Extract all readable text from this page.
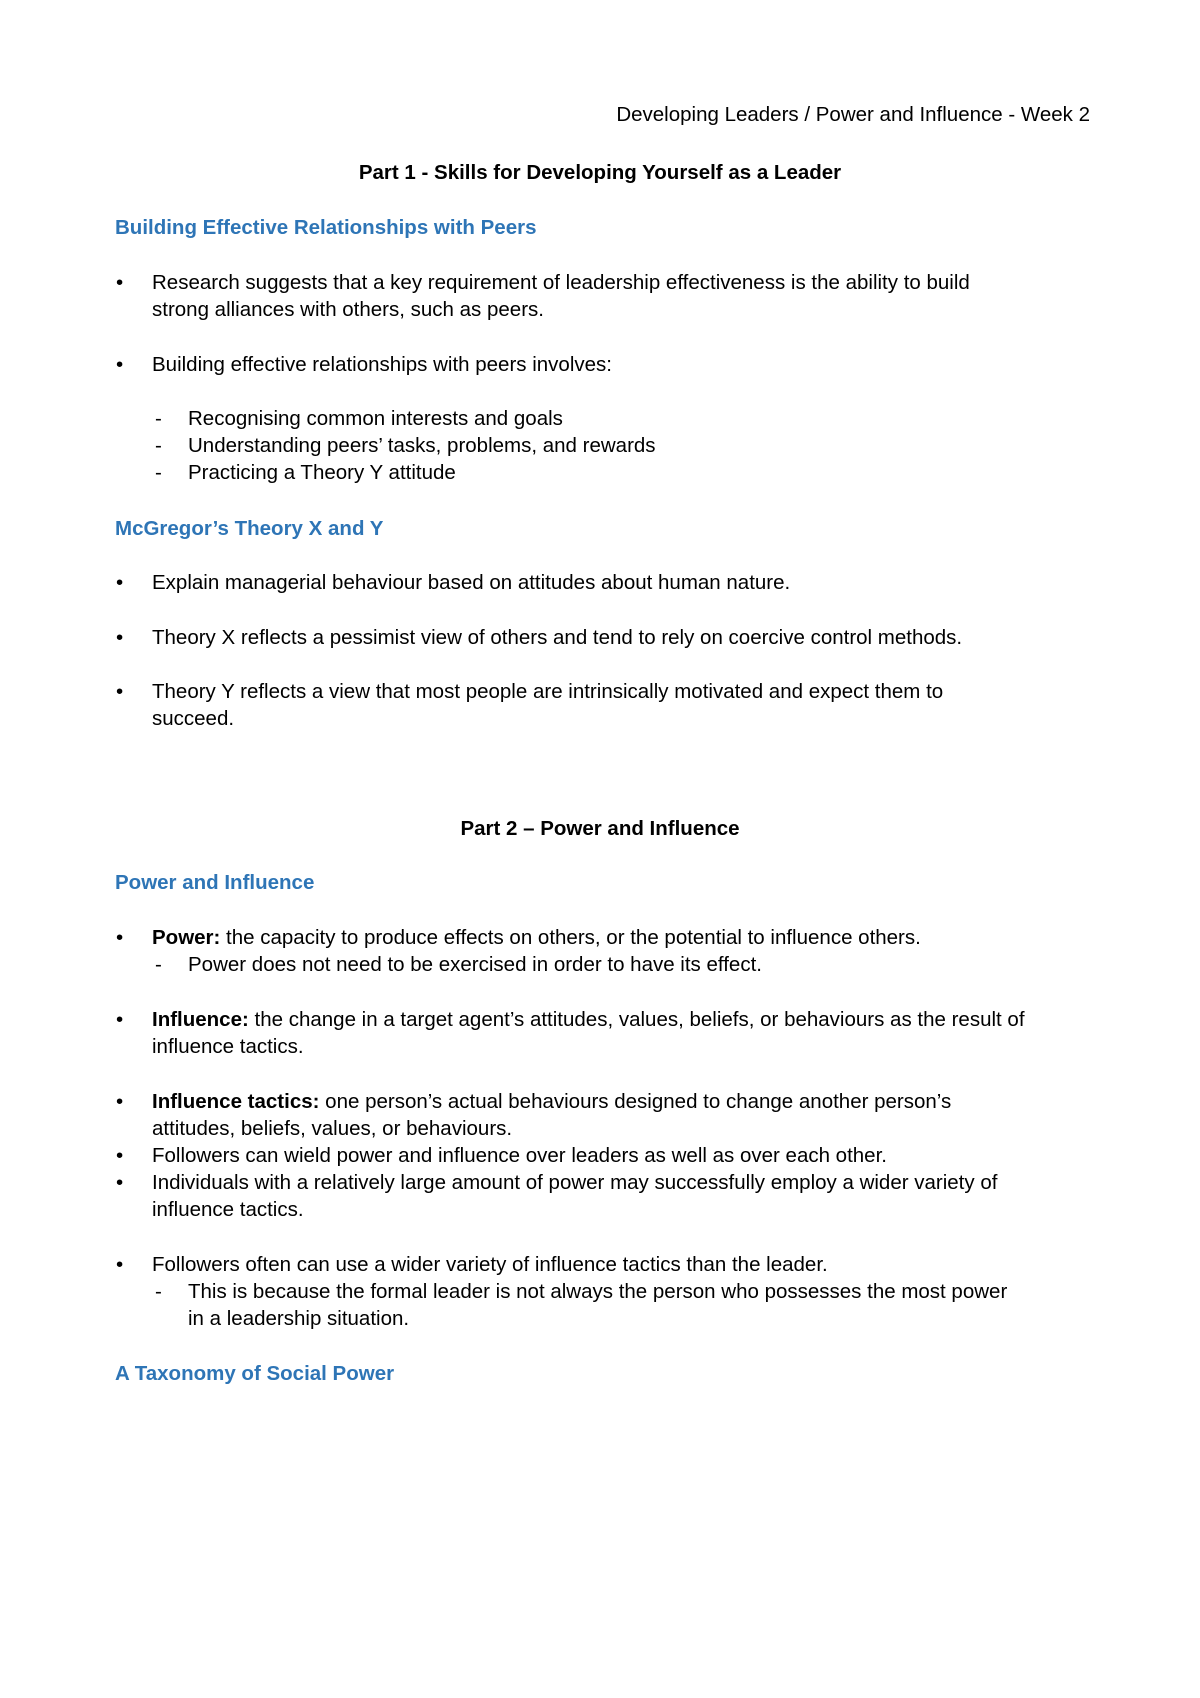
Developing Leaders / Power and Influence - Week 2
Part 1 - Skills for Developing Yourself as a Leader
Building Effective Relationships with Peers
• Research suggests that a key requirement of leadership effectiveness is the ability to build
strong alliances with others, such as peers.
• Building effective relationships with peers involves:
- Recognising common interests and goals
- Understanding peers’ tasks, problems, and rewards
- Practicing a Theory Y attitude
McGregor’s Theory X and Y
• Explain managerial behaviour based on attitudes about human nature.
• Theory X reflects a pessimist view of others and tend to rely on coercive control methods.
• Theory Y reflects a view that most people are intrinsically motivated and expect them to
succeed.
Part 2 – Power and Influence
Power and Influence
• Power: the capacity to produce effects on others, or the potential to influence others.
- Power does not need to be exercised in order to have its effect.
• Influence: the change in a target agent’s attitudes, values, beliefs, or behaviours as the result of
influence tactics.
• Influence tactics: one person’s actual behaviours designed to change another person’s
attitudes, beliefs, values, or behaviours.
• Followers can wield power and influence over leaders as well as over each other.
• Individuals with a relatively large amount of power may successfully employ a wider variety of
influence tactics.
• Followers often can use a wider variety of influence tactics than the leader.
- This is because the formal leader is not always the person who possesses the most power
in a leadership situation.
A Taxonomy of Social Power
